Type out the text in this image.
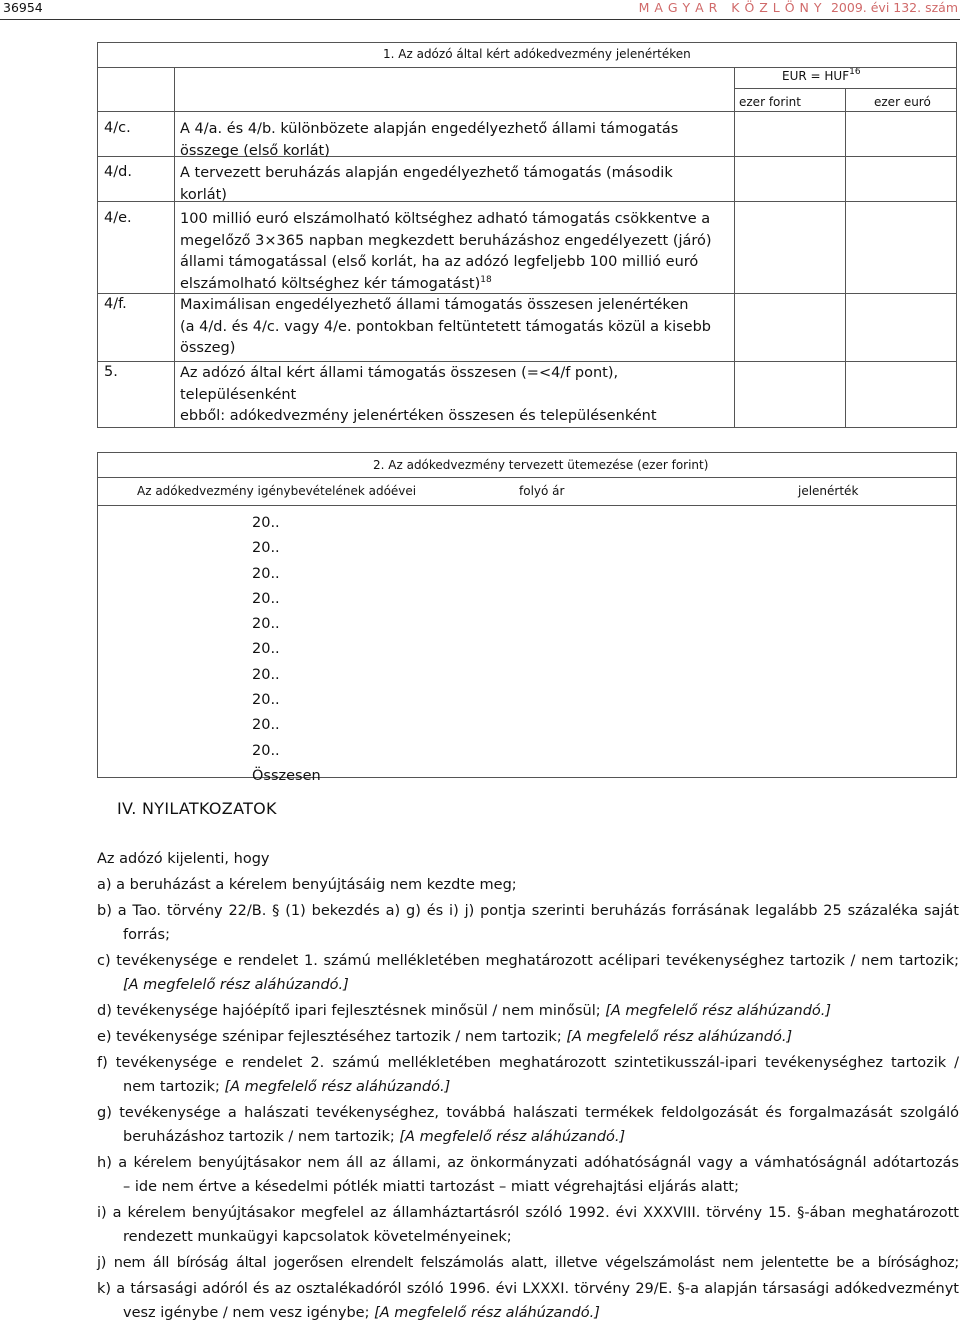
36954	M A G Y A R   K Ö Z L Ö N Y 2009. évi 132. szám
1. Az adózó által kért adókedvezmény jelenértéken
EUR = $HUF^{16}$
ezer forint	ezer euró
4/c.	A 4/a. és 4/b. különbözete alapján engedélyezhető állami támogatás
összege (első korlát)
4/d.	A tervezett beruházás alapján engedélyezhető támogatás (második
korlát)
4/e.	100 millió euró elszámolható költséghez adható támogatás csökkentve a
megelőző 3×365 napban megkezdett beruházáshoz engedélyezett (járó)
állami támogatással (első korlát, ha az adózó legfeljebb 100 millió euró
elszámolható költséghez kér támogatást)$^{18}$
4/f.	Maximálisan engedélyezhető állami támogatás összesen jelenértéken
(a 4/d. és 4/c. vagy 4/e. pontokban feltüntetett támogatás közül a kisebb
összeg)
5.	Az adózó által kért állami támogatás összesen (=<4/f pont),
településenként
ebből: adókedvezmény jelenértéken összesen és településenként
2. Az adókedvezmény tervezett ütemezése (ezer forint)
Az adókedvezmény igénybevételének adóévei	folyó ár	jelenérték
20..
20..
20..
20..
20..
20..
20..
20..
20..
20..
Összesen
IV. NYILATKOZATOK
Az adózó kijelenti, hogy
a) a beruházást a kérelem benyújtásáig nem kezdte meg;
b) a Tao. törvény 22/B. § (1) bekezdés a) g) és i) j) pontja szerinti beruházás forrásának legalább 25 százaléka saját
forrás;
c) tevékenysége e rendelet 1. számú mellékletében meghatározott acélipari tevékenységhez tartozik / nem tartozik;
[A megfelelő rész aláhúzandó.]
d) tevékenysége hajóépítő ipari fejlesztésnek minősül / nem minősül; [A megfelelő rész aláhúzandó.]
e) tevékenysége szénipar fejlesztéséhez tartozik / nem tartozik; [A megfelelő rész aláhúzandó.]
f) tevékenysége e rendelet 2. számú mellékletében meghatározott szintetikusszál-ipari tevékenységhez tartozik /
nem tartozik; [A megfelelő rész aláhúzandó.]
g) tevékenysége a halászati tevékenységhez, továbbá halászati termékek feldolgozását és forgalmazását szolgáló
beruházáshoz tartozik / nem tartozik; [A megfelelő rész aláhúzandó.]
h) a kérelem benyújtásakor nem áll az állami, az önkormányzati adóhatóságnál vagy a vámhatóságnál adótartozás
– ide nem értve a késedelmi pótlék miatti tartozást – miatt végrehajtási eljárás alatt;
i) a kérelem benyújtásakor megfelel az államháztartásról szóló 1992. évi XXXVIII. törvény 15. §-ában meghatározott
rendezett munkaügyi kapcsolatok követelményeinek;
j) nem áll bíróság által jogerősen elrendelt felszámolás alatt, illetve végelszámolást nem jelentette be a bírósághoz;
k) a társasági adóról és az osztalékadóról szóló 1996. évi LXXXI. törvény 29/E. §-a alapján társasági adókedvezményt
vesz igénybe / nem vesz igénybe; [A megfelelő rész aláhúzandó.]
